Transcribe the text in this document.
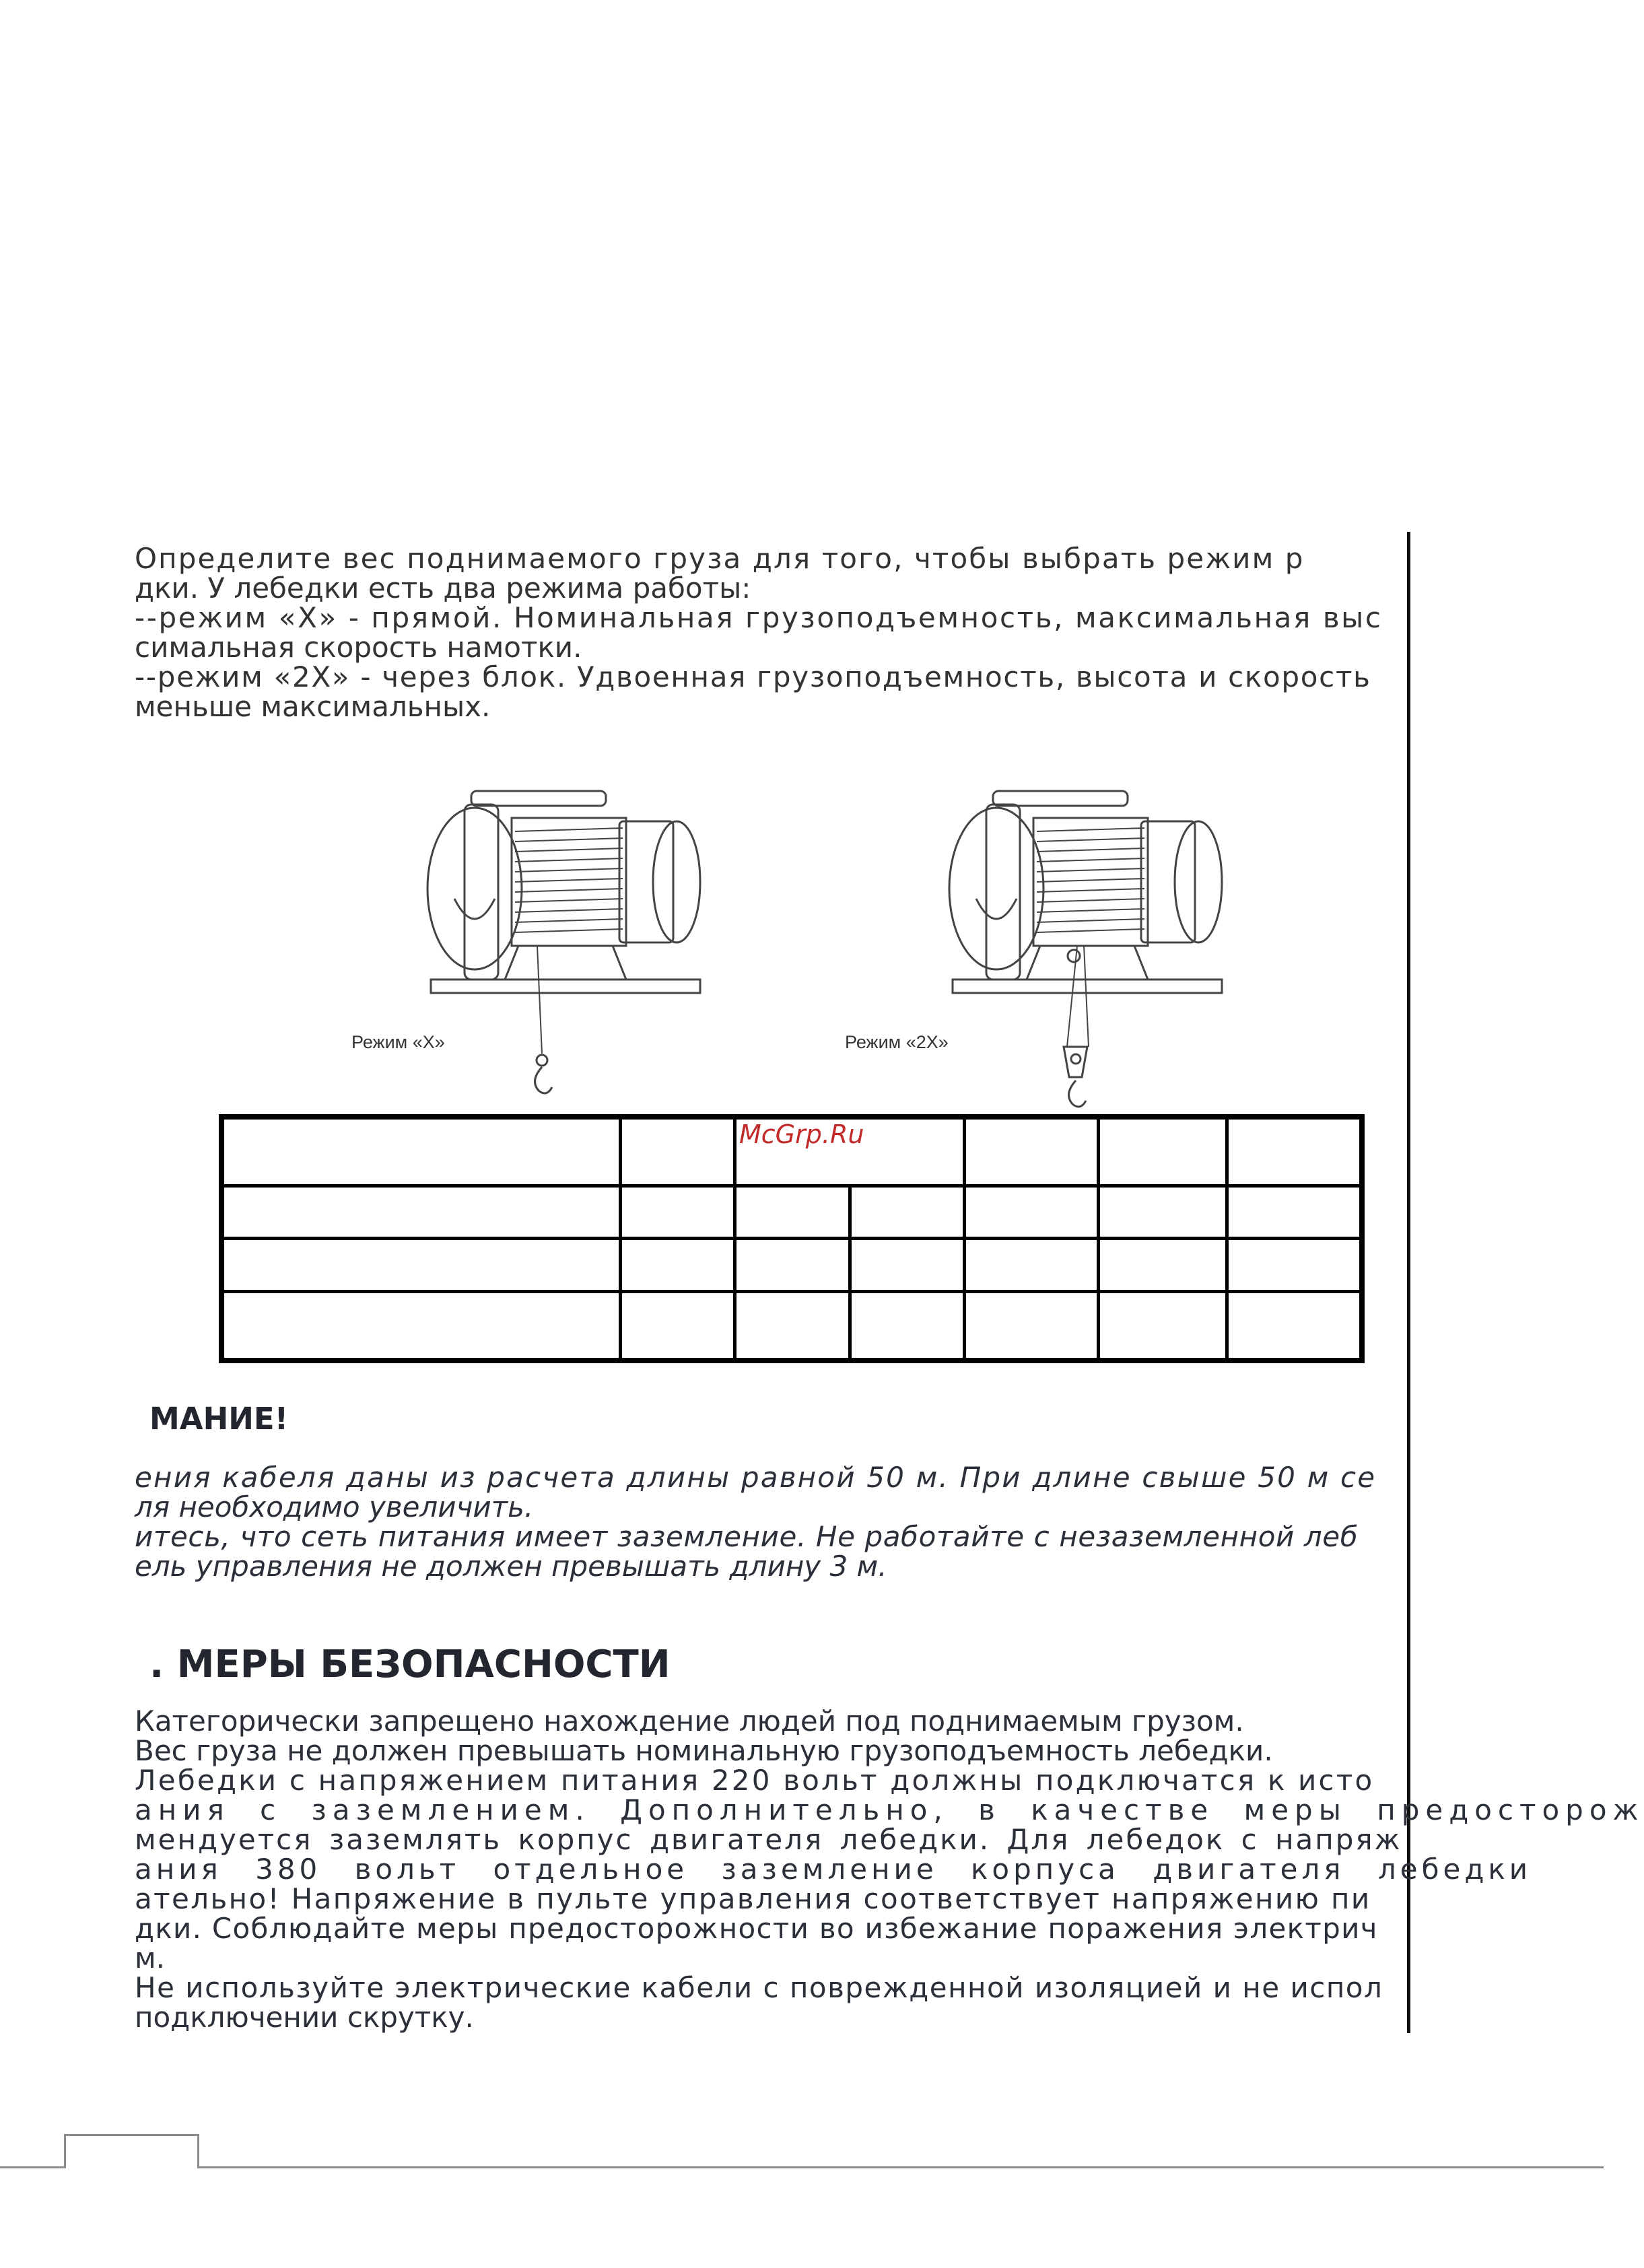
Определите вес поднимаемого груза для того, чтобы выбрать режим р
дки. У лебедки есть два режима работы:
--режим «X» - прямой. Номинальная грузоподъемность, максимальная выс
симальная скорость намотки.
--режим «2X» - через блок. Удвоенная грузоподъемность, высота и скорость
меньше максимальных.
Режим «X»	Режим «2X»

McGrp.Ru
МАНИЕ!
ения кабеля даны из расчета длины равной 50 м. При длине свыше 50 м се
ля необходимо увеличить.
итесь, что сеть питания имеет заземление. Не работайте с незаземленной леб
ель управления не должен превышать длину 3 м.
. МЕРЫ БЕЗОПАСНОСТИ
Категорически запрещено нахождение людей под поднимаемым грузом.
Вес груза не должен превышать номинальную грузоподъемность лебедки.
Лебедки с напряжением питания 220 вольт должны подключатся к исто
ания с заземлением. Дополнительно, в качестве меры предосторож
мендуется заземлять корпус двигателя лебедки. Для лебедок с напряж
ания 380 вольт отдельное заземление корпуса двигателя лебедки
ательно! Напряжение в пульте управления соответствует напряжению пи
дки. Соблюдайте меры предосторожности во избежание поражения электрич
м.
Не используйте электрические кабели с поврежденной изоляцией и не испол
подключении скрутку.
